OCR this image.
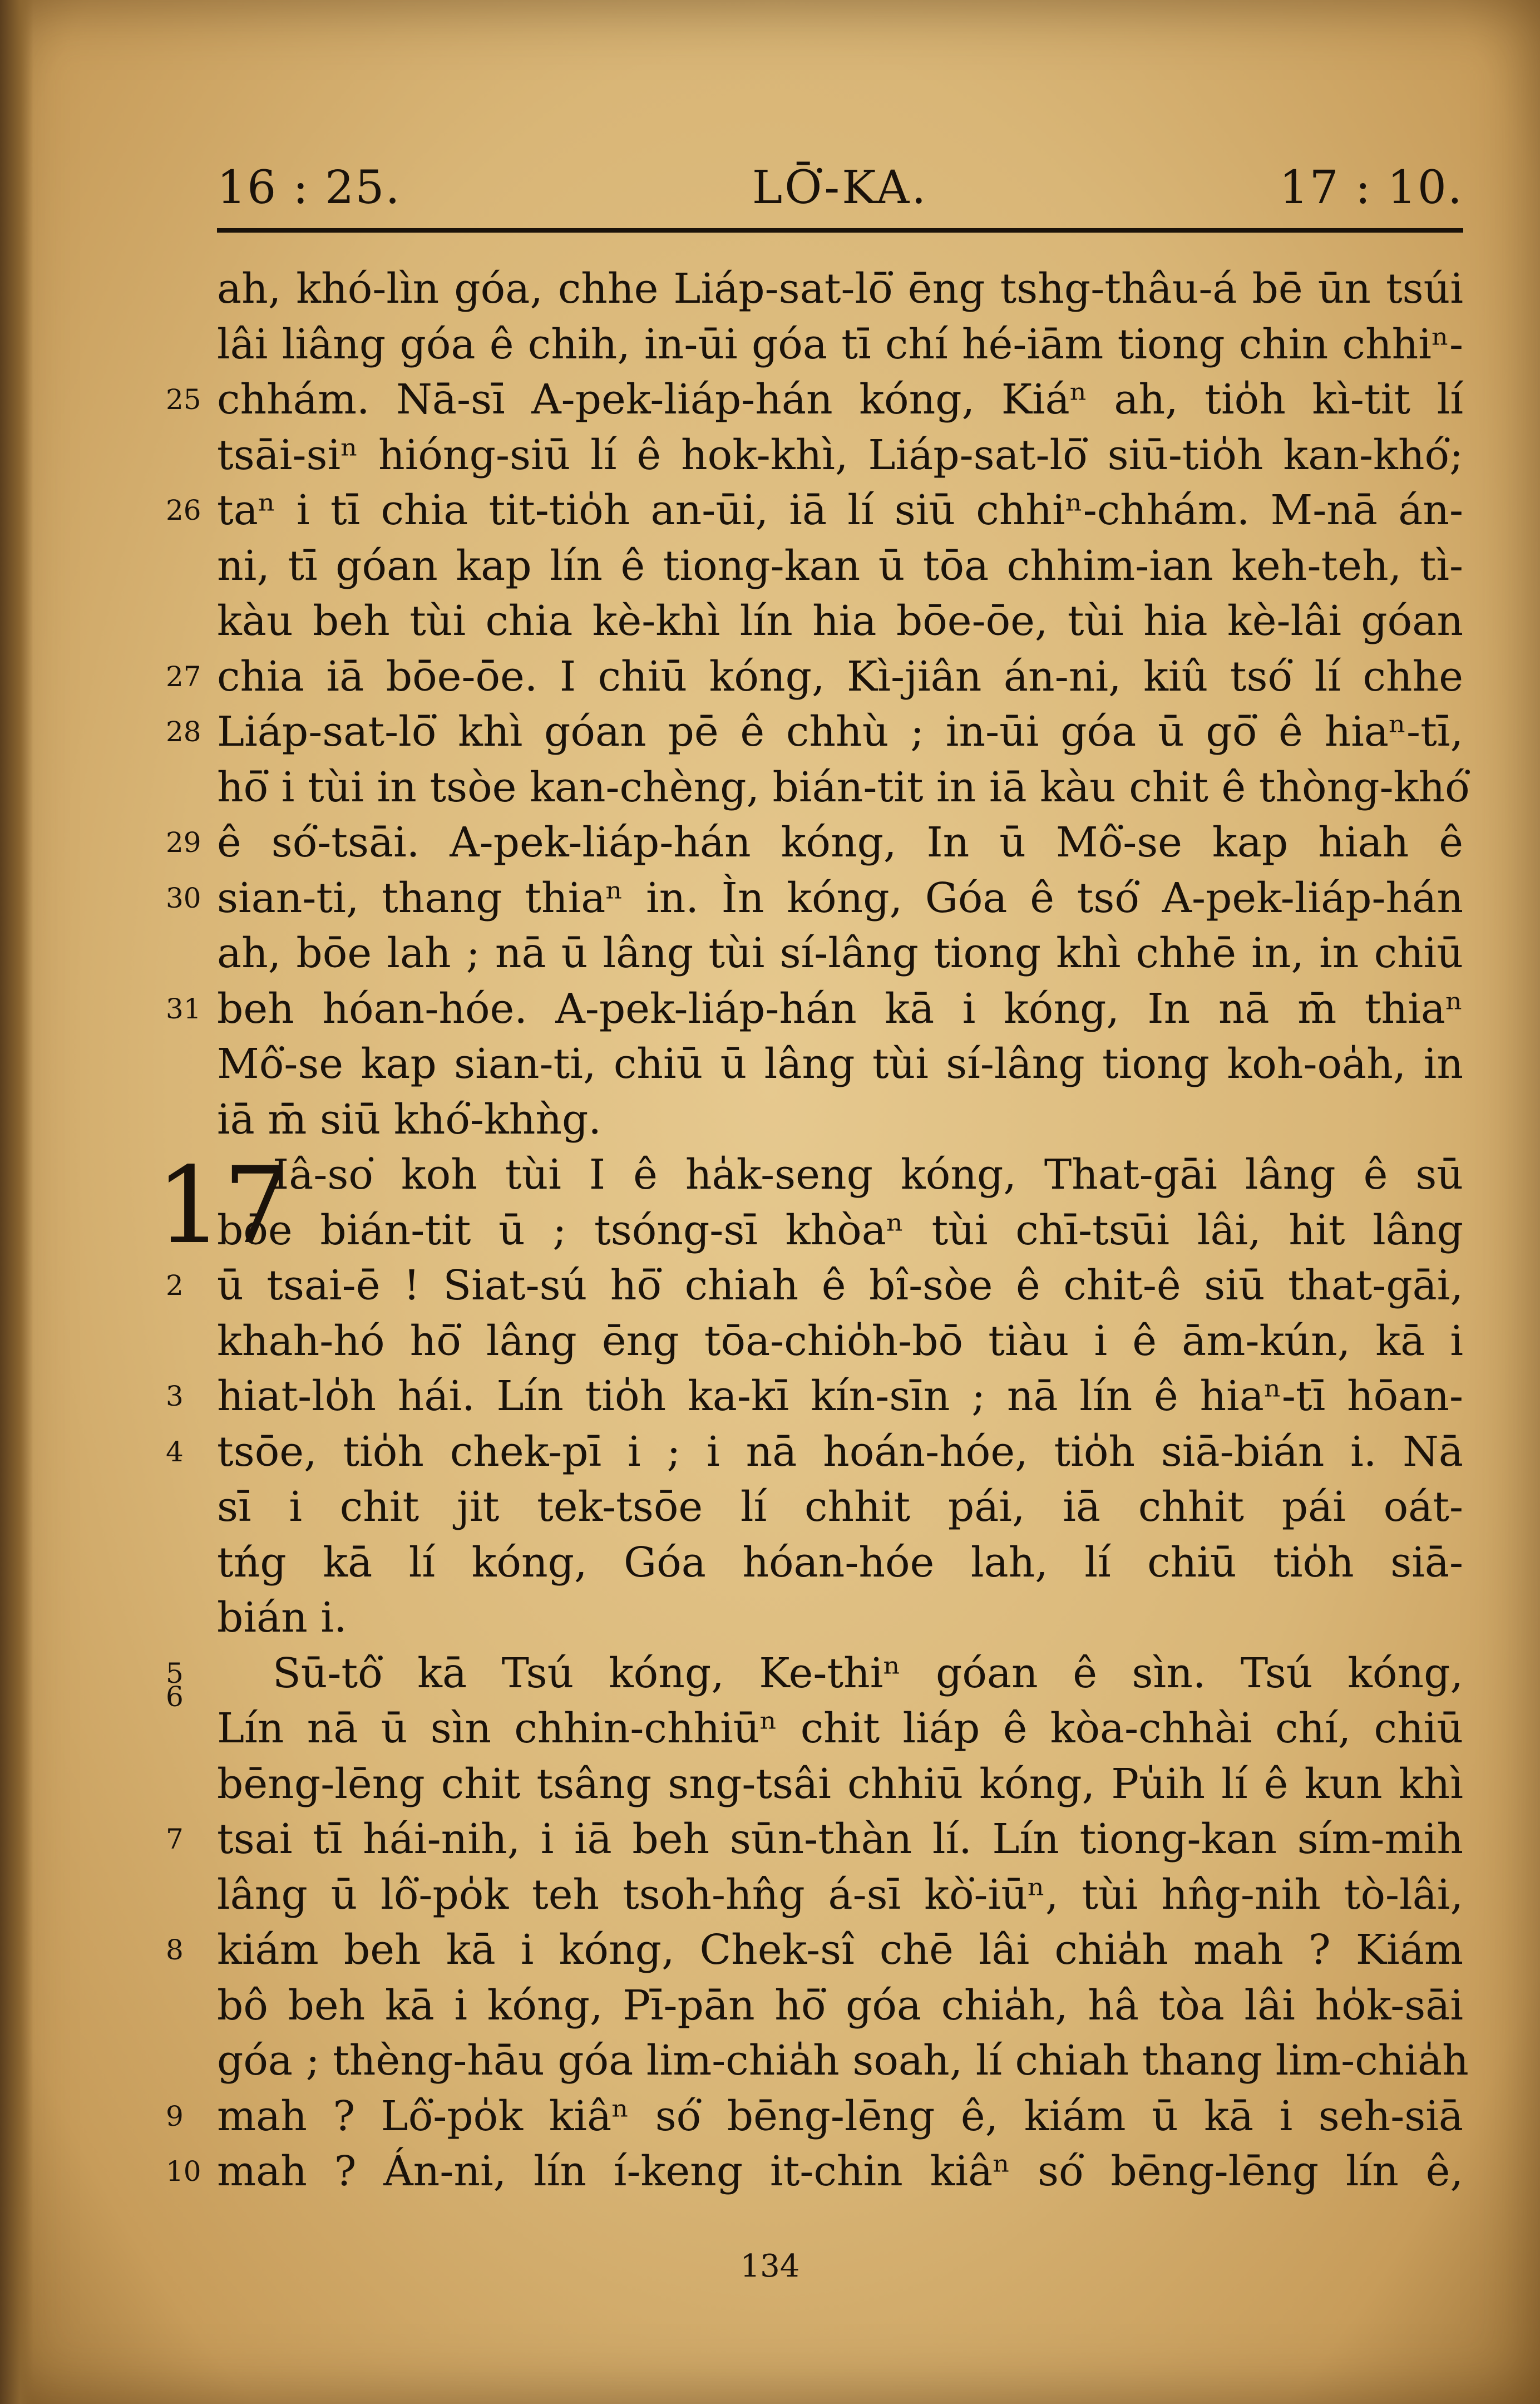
16 : 25.	LŌ͘-KA.	17 : 10.
ah, khó-lìn góa, chhe Liáp-sat-lō͘ ēng tshg-thâu-á bē ūn tsúi
lâi liâng góa ê chih, in-ūi góa tī chí hé-iām tiong chin chhiⁿ-
25 chhám. Nā-sī A-pek-liáp-hán kóng, Kiáⁿ ah, tio̍h kì-tit lí
tsāi-siⁿ hióng-siū lí ê hok-khì, Liáp-sat-lō͘ siū-tio̍h kan-khó͘;
26 taⁿ i tī chia tit-tio̍h an-ūi, iā lí siū chhiⁿ-chhám. M-nā án-
ni, tī góan kap lín ê tiong-kan ū tōa chhim-ian keh-teh, tì-
kàu beh tùi chia kè-khì lín hia bōe-ōe, tùi hia kè-lâi góan
27 chia iā bōe-ōe. I chiū kóng, Kì-jiân án-ni, kiû tsó͘ lí chhe
28 Liáp-sat-lō͘ khì góan pē ê chhù ; in-ūi góa ū gō͘ ê hiaⁿ-tī,
hō͘ i tùi in tsòe kan-chèng, bián-tit in iā kàu chit ê thòng-khó͘
29 ê só͘-tsāi. A-pek-liáp-hán kóng, In ū Mô͘-se kap hiah ê
30 sian-ti, thang thiaⁿ in. Ìn kóng, Góa ê tsó͘ A-pek-liáp-hán
ah, bōe lah ; nā ū lâng tùi sí-lâng tiong khì chhē in, in chiū
31 beh hóan-hóe. A-pek-liáp-hán kā i kóng, In nā m̄ thiaⁿ
Mô͘-se kap sian-ti, chiū ū lâng tùi sí-lâng tiong koh-oa̍h, in
iā m̄ siū khó͘-khǹg.
17
Iâ-so͘ koh tùi I ê ha̍k-seng kóng, That-gāi lâng ê sū
bōe bián-tit ū ; tsóng-sī khòaⁿ tùi chī-tsūi lâi, hit lâng
2 ū tsai-ē ! Siat-sú hō͘ chiah ê bî-sòe ê chit-ê siū that-gāi,
khah-hó hō͘ lâng ēng tōa-chio̍h-bō tiàu i ê ām-kún, kā i
3 hiat-lo̍h hái. Lín tio̍h ka-kī kín-sīn ; nā lín ê hiaⁿ-tī hōan-
4 tsōe, tio̍h chek-pī i ; i nā hoán-hóe, tio̍h siā-bián i. Nā
sī i chit jit tek-tsōe lí chhit pái, iā chhit pái oát-
tńg kā lí kóng, Góa hóan-hóe lah, lí chiū tio̍h siā-
bián i.
5
6	Sū-tô͘ kā Tsú kóng, Ke-thiⁿ góan ê sìn. Tsú kóng,
Lín nā ū sìn chhin-chhiūⁿ chit liáp ê kòa-chhài chí, chiū
bēng-lēng chit tsâng sng-tsâi chhiū kóng, Pu̍ih lí ê kun khì
7 tsai tī hái-nih, i iā beh sūn-thàn lí. Lín tiong-kan sím-mih
lâng ū lô͘-po̍k teh tsoh-hn̂g á-sī kò͘-iūⁿ, tùi hn̂g-nih tò-lâi,
8 kiám beh kā i kóng, Chek-sî chē lâi chia̍h mah ? Kiám
bô beh kā i kóng, Pī-pān hō͘ góa chia̍h, hâ tòa lâi ho̍k-sāi
góa ; thèng-hāu góa lim-chia̍h soah, lí chiah thang lim-chia̍h
9 mah ? Lô͘-po̍k kiâⁿ só͘ bēng-lēng ê, kiám ū kā i seh-siā
10 mah ? Án-ni, lín í-keng it-chin kiâⁿ só͘ bēng-lēng lín ê,
134
